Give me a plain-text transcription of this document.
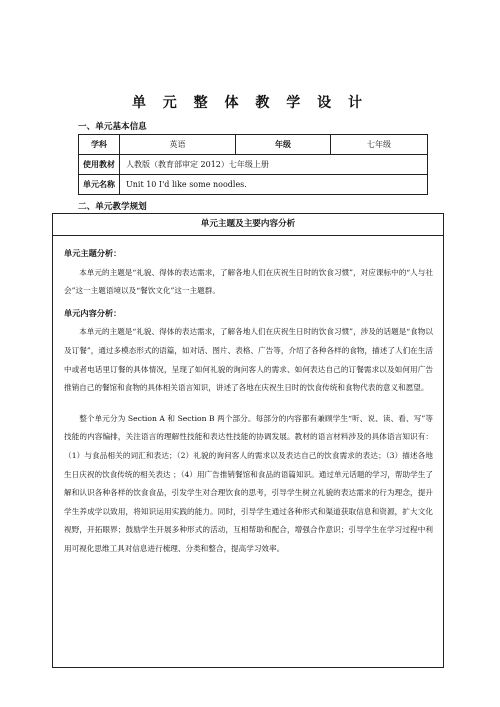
单 元 整 体 教 学 设 计
一、单元基本信息
学科	英语	年级	七年级
使用教材	人教版（教育部审定 2012）七年级上册		
单元名称	Unit 10 I'd like some noodles.		
二、单元教学规划
单元主题及主要内容分析
单元主题分析：

本单元的主题是“礼貌、得体的表达需求，了解各地人们在庆祝生日时的饮食习惯”，对应课标中的“人与社会”这一主题语境以及“餐饮文化”这一主题群。

单元内容分析：

本单元的主题是“礼貌、得体的表达需求，了解各地人们在庆祝生日时的饮食习惯”，涉及的话题是“食物以及订餐”，通过多模态形式的语篇，如对话、图片、表格、广告等，介绍了各种各样的食物，描述了人们在生活中或者电话里订餐的具体情况，呈现了如何礼貌的询问客人的需求、如何表达自己的订餐需求以及如何用广告推销自己的餐馆和食物的具体相关语言知识，讲述了各地在庆祝生日时的饮食传统和食物代表的意义和愿望。

整个单元分为 Section A 和 Section B 两个部分。每部分的内容都有兼顾学生“听、说、读、看、写”等技能的内容编排，关注语言的理解性技能和表达性技能的协调发展。教材的语言材料涉及的具体语言知识有：（1）与食品相关的词汇和表达；（2）礼貌的询问客人的需求以及表达自己的饮食需求的表达；（3）描述各地生日庆祝的饮食传统的相关表达 ；（4）用广告推销餐馆和食品的语篇知识。通过单元话题的学习，帮助学生了解和认识各种各样的饮食食品，引发学生对合理饮食的思考，引导学生树立礼貌的表达需求的行为理念，提升学生养成学以致用，将知识运用实践的能力。同时，引导学生通过各种形式和渠道获取信息和资源，扩大文化视野，开拓眼界；鼓励学生开展多种形式的活动，互相帮助和配合，增强合作意识；引导学生在学习过程中利用可视化思维工具对信息进行梳理、分类和整合，提高学习效率。
